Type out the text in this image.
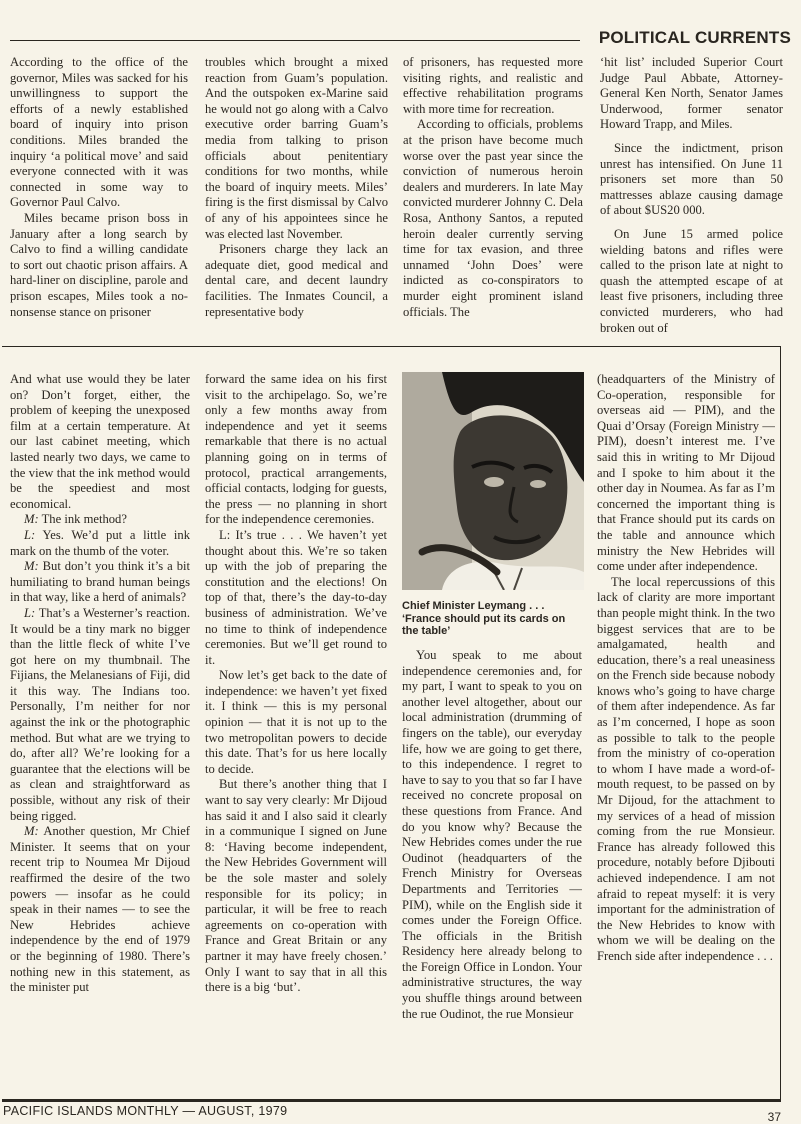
POLITICAL CURRENTS

According to the office of the governor, Miles was sacked for his unwillingness to support the efforts of a newly established board of inquiry into prison conditions. Miles branded the inquiry ‘a political move’ and said everyone connected with it was connected in some way to Governor Paul Calvo.

Miles became prison boss in January after a long search by Calvo to find a willing candidate to sort out chaotic prison affairs. A hard-liner on discipline, parole and prison escapes, Miles took a no-nonsense stance on prisoner

troubles which brought a mixed reaction from Guam’s population. And the outspoken ex-Marine said he would not go along with a Calvo executive order barring Guam’s media from talking to prison officials about penitentiary conditions for two months, while the board of inquiry meets. Miles’ firing is the first dismissal by Calvo of any of his appointees since he was elected last November.

Prisoners charge they lack an adequate diet, good medical and dental care, and decent laundry facilities. The Inmates Council, a representative body

of prisoners, has requested more visiting rights, and realistic and effective rehabilitation programs with more time for recreation.

According to officials, problems at the prison have become much worse over the past year since the conviction of numerous heroin dealers and murderers. In late May convicted murderer Johnny C. Dela Rosa, Anthony Santos, a reputed heroin dealer currently serving time for tax evasion, and three unnamed ‘John Does’ were indicted as co-conspirators to murder eight prominent island officials. The

‘hit list’ included Superior Court Judge Paul Abbate, Attorney-General Ken North, Senator James Underwood, former senator Howard Trapp, and Miles.

Since the indictment, prison unrest has intensified. On June 11 prisoners set more than 50 mattresses ablaze causing damage of about $US20 000.

On June 15 armed police wielding batons and rifles were called to the prison late at night to quash the attempted escape of at least five prisoners, including three convicted murderers, who had broken out of

And what use would they be later on? Don’t forget, either, the problem of keeping the unexposed film at a certain temperature. At our last cabinet meeting, which lasted nearly two days, we came to the view that the ink method would be the speediest and most economical.

M: The ink method?

L: Yes. We’d put a little ink mark on the thumb of the voter.

M: But don’t you think it’s a bit humiliating to brand human beings in that way, like a herd of animals?

L: That’s a Westerner’s reaction. It would be a tiny mark no bigger than the little fleck of white I’ve got here on my thumbnail. The Fijians, the Melanesians of Fiji, did it this way. The Indians too. Personally, I’m neither for nor against the ink or the photographic method. But what are we trying to do, after all? We’re looking for a guarantee that the elections will be as clean and straightforward as possible, without any risk of their being rigged.

M: Another question, Mr Chief Minister. It seems that on your recent trip to Noumea Mr Dijoud reaffirmed the desire of the two powers — insofar as he could speak in their names — to see the New Hebrides achieve independence by the end of 1979 or the beginning of 1980. There’s nothing new in this statement, as the minister put

forward the same idea on his first visit to the archipelago. So, we’re only a few months away from independence and yet it seems remarkable that there is no actual planning going on in terms of protocol, practical arrangements, official contacts, lodging for guests, the press — no planning in short for the independence ceremonies.

L: It’s true . . . We haven’t yet thought about this. We’re so taken up with the job of preparing the constitution and the elections! On top of that, there’s the day-to-day business of administration. We’ve no time to think of independence ceremonies. But we’ll get round to it.

Now let’s get back to the date of independence: we haven’t yet fixed it. I think — this is my personal opinion — that it is not up to the two metropolitan powers to decide this date. That’s for us here locally to decide.

But there’s another thing that I want to say very clearly: Mr Dijoud has said it and I also said it clearly in a communique I signed on June 8: ‘Having become independent, the New Hebrides Government will be the sole master and solely responsible for its policy; in particular, it will be free to reach agreements on co-operation with France and Great Britain or any partner it may have freely chosen.’ Only I want to say that in all this there is a big ‘but’.

Chief Minister Leymang . . . ‘France should put its cards on the table’

You speak to me about independence ceremonies and, for my part, I want to speak to you on another level altogether, about our local administration (drumming of fingers on the table), our everyday life, how we are going to get there, to this independence. I regret to have to say to you that so far I have received no concrete proposal on these questions from France. And do you know why? Because the New Hebrides comes under the rue Oudinot (headquarters of the French Ministry for Overseas Departments and Territories — PIM), while on the English side it comes under the Foreign Office. The officials in the British Residency here already belong to the Foreign Office in London. Your administrative structures, the way you shuffle things around between the rue Oudinot, the rue Monsieur

(headquarters of the Ministry of Co-operation, responsible for overseas aid — PIM), and the Quai d’Orsay (Foreign Ministry — PIM), doesn’t interest me. I’ve said this in writing to Mr Dijoud and I spoke to him about it the other day in Noumea. As far as I’m concerned the important thing is that France should put its cards on the table and announce which ministry the New Hebrides will come under after independence.

The local repercussions of this lack of clarity are more important than people might think. In the two biggest services that are to be amalgamated, health and education, there’s a real uneasiness on the French side because nobody knows who’s going to have charge of them after independence. As far as I’m concerned, I hope as soon as possible to talk to the people from the ministry of co-operation to whom I have made a word-of-mouth request, to be passed on by Mr Dijoud, for the attachment to my services of a head of mission coming from the rue Monsieur. France has already followed this procedure, notably before Djibouti achieved independence. I am not afraid to repeat myself: it is very important for the administration of the New Hebrides to know with whom we will be dealing on the French side after independence . . .

PACIFIC ISLANDS MONTHLY — AUGUST, 1979	37
